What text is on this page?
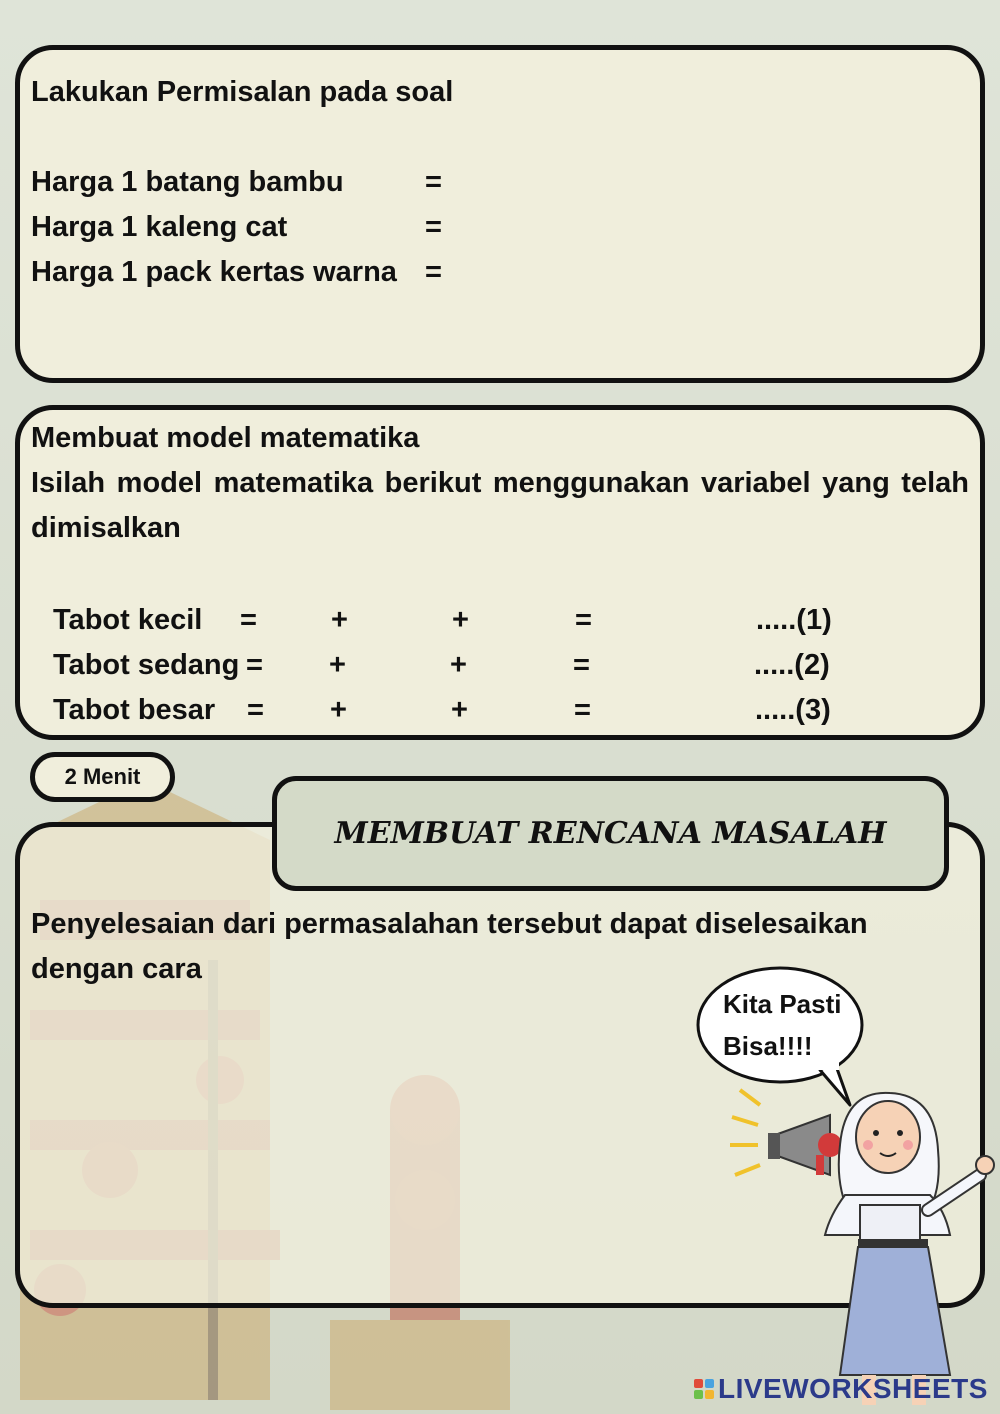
Lakukan Permisalan pada soal
Harga 1 batang bambu	=
Harga 1 kaleng cat	=
Harga 1 pack kertas warna =
Membuat model matematika
Isilah model matematika berikut menggunakan variabel yang telah dimisalkan
Tabot kecil =	+	+	=	.....(1)
Tabot sedang = +	+	=	.....(2)
Tabot besar = +	+	=	.....(3)
2 Menit
MEMBUAT RENCANA MASALAH
Penyelesaian dari permasalahan tersebut dapat diselesaikan
dengan cara
Kita Pasti
Bisa!!!!
LIVEWORKSHEETS
